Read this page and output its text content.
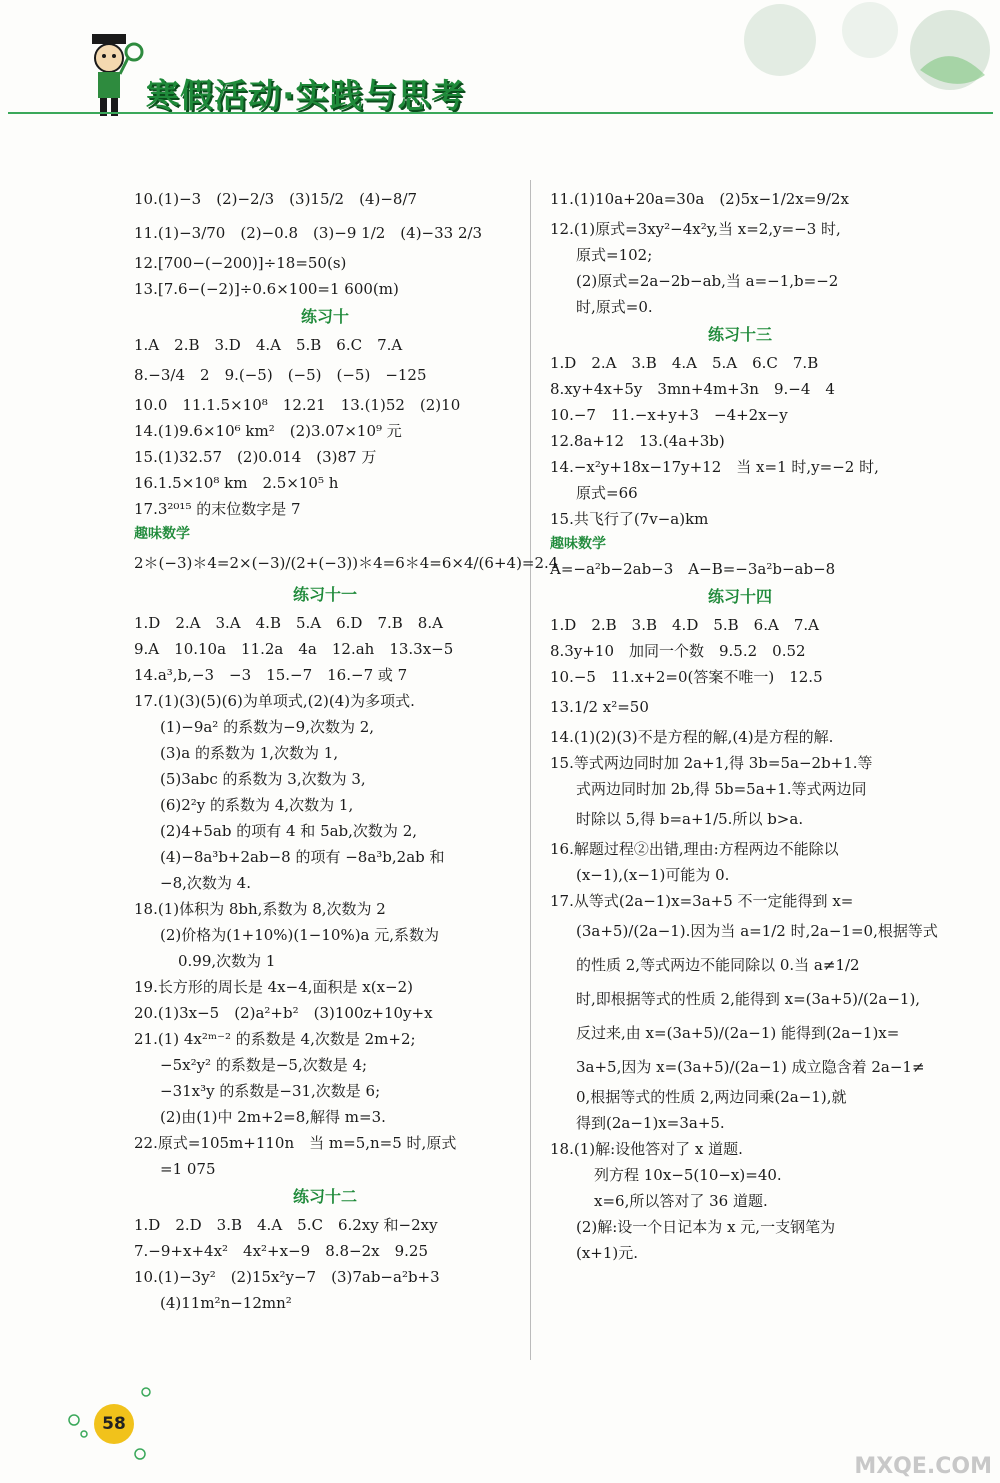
寒假活动·实践与思考
10.(1)−3　(2)−2/3　(3)15/2　(4)−8/7
11.(1)−3/70　(2)−0.8　(3)−9 1/2　(4)−33 2/3
12.[700−(−200)]÷18=50(s)
13.[7.6−(−2)]÷0.6×100=1 600(m)
练习十
1.A　2.B　3.D　4.A　5.B　6.C　7.A
8.−3/4　2　9.(−5)　(−5)　(−5)　−125
10.0　11.1.5×10⁸　12.21　13.(1)52　(2)10
14.(1)9.6×10⁶ km²　(2)3.07×10⁹ 元
15.(1)32.57　(2)0.014　(3)87 万
16.1.5×10⁸ km　2.5×10⁵ h
17.3²⁰¹⁵ 的末位数字是 7
趣味数学
2＊(−3)＊4=2×(−3)/(2+(−3))＊4=6＊4=6×4/(6+4)=2.4
练习十一
1.D　2.A　3.A　4.B　5.A　6.D　7.B　8.A
9.A　10.10a　11.2a　4a　12.ah　13.3x−5
14.a³,b,−3　−3　15.−7　16.−7 或 7
17.(1)(3)(5)(6)为单项式,(2)(4)为多项式.
(1)−9a² 的系数为−9,次数为 2,
(3)a 的系数为 1,次数为 1,
(5)3abc 的系数为 3,次数为 3,
(6)2²y 的系数为 4,次数为 1,
(2)4+5ab 的项有 4 和 5ab,次数为 2,
(4)−8a³b+2ab−8 的项有 −8a³b,2ab 和
−8,次数为 4.
18.(1)体积为 8bh,系数为 8,次数为 2
(2)价格为(1+10%)(1−10%)a 元,系数为
0.99,次数为 1
19.长方形的周长是 4x−4,面积是 x(x−2)
20.(1)3x−5　(2)a²+b²　(3)100z+10y+x
21.(1) 4x²ᵐ⁻² 的系数是 4,次数是 2m+2;
−5x²y² 的系数是−5,次数是 4;
−31x³y 的系数是−31,次数是 6;
(2)由(1)中 2m+2=8,解得 m=3.
22.原式=105m+110n　当 m=5,n=5 时,原式
=1 075
练习十二
1.D　2.D　3.B　4.A　5.C　6.2xy 和−2xy
7.−9+x+4x²　4x²+x−9　8.8−2x　9.25
10.(1)−3y²　(2)15x²y−7　(3)7ab−a²b+3
(4)11m²n−12mn²
11.(1)10a+20a=30a　(2)5x−1/2x=9/2x
12.(1)原式=3xy²−4x²y,当 x=2,y=−3 时,
原式=102;
(2)原式=2a−2b−ab,当 a=−1,b=−2
时,原式=0.
练习十三
1.D　2.A　3.B　4.A　5.A　6.C　7.B
8.xy+4x+5y　3mn+4m+3n　9.−4　4
10.−7　11.−x+y+3　−4+2x−y
12.8a+12　13.(4a+3b)
14.−x²y+18x−17y+12　当 x=1 时,y=−2 时,
原式=66
15.共飞行了(7v−a)km
趣味数学
A=−a²b−2ab−3　A−B=−3a²b−ab−8
练习十四
1.D　2.B　3.B　4.D　5.B　6.A　7.A
8.3y+10　加同一个数　9.5.2　0.52
10.−5　11.x+2=0(答案不唯一)　12.5
13.1/2 x²=50
14.(1)(2)(3)不是方程的解,(4)是方程的解.
15.等式两边同时加 2a+1,得 3b=5a−2b+1.等
式两边同时加 2b,得 5b=5a+1.等式两边同
时除以 5,得 b=a+1/5.所以 b>a.
16.解题过程②出错,理由:方程两边不能除以
(x−1),(x−1)可能为 0.
17.从等式(2a−1)x=3a+5 不一定能得到 x=
(3a+5)/(2a−1).因为当 a=1/2 时,2a−1=0,根据等式
的性质 2,等式两边不能同除以 0.当 a≠1/2
时,即根据等式的性质 2,能得到 x=(3a+5)/(2a−1),
反过来,由 x=(3a+5)/(2a−1) 能得到(2a−1)x=
3a+5,因为 x=(3a+5)/(2a−1) 成立隐含着 2a−1≠
0,根据等式的性质 2,两边同乘(2a−1),就
得到(2a−1)x=3a+5.
18.(1)解:设他答对了 x 道题.
列方程 10x−5(10−x)=40.
x=6,所以答对了 36 道题.
(2)解:设一个日记本为 x 元,一支钢笔为
(x+1)元.
58
MXQE.COM
